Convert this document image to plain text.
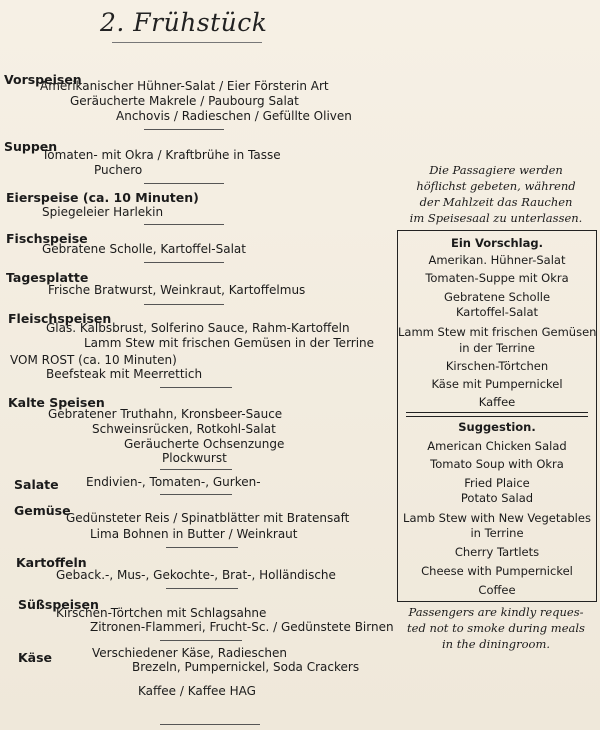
2. Frühstück
Vorspeisen
Amerikanischer Hühner-Salat / Eier Försterin Art
Geräucherte Makrele / Paubourg Salat
Anchovis / Radieschen / Gefüllte Oliven
Suppen
Tomaten- mit Okra / Kraftbrühe in Tasse
Puchero
Eierspeise (ca. 10 Minuten)
Spiegeleier Harlekin
Fischspeise
Gebratene Scholle, Kartoffel-Salat
Tagesplatte
Frische Bratwurst, Weinkraut, Kartoffelmus
Fleischspeisen
Glas. Kalbsbrust, Solferino Sauce, Rahm-Kartoffeln
Lamm Stew mit frischen Gemüsen in der Terrine
VOM ROST (ca. 10 Minuten)
Beefsteak mit Meerrettich
Kalte Speisen
Gebratener Truthahn, Kronsbeer-Sauce
Schweinsrücken, Rotkohl-Salat
Geräucherte Ochsenzunge
Plockwurst
Salate Endivien-, Tomaten-, Gurken-
Gemüse
Gedünsteter Reis / Spinatblätter mit Bratensaft
Lima Bohnen in Butter / Weinkraut
Kartoffeln
Geback.-, Mus-, Gekochte-, Brat-, Holländische
Süßspeisen
Kirschen-Törtchen mit Schlagsahne
Zitronen-Flammeri, Frucht-Sc. / Gedünstete Birnen
Käse	Verschiedener Käse, Radieschen
Brezeln, Pumpernickel, Soda Crackers
Kaffee / Kaffee HAG
Die Passagiere werden
höflichst gebeten, während
der Mahlzeit das Rauchen
im Speisesaal zu unterlassen.
Ein Vorschlag.
Amerikan. Hühner-Salat
Tomaten-Suppe mit Okra
Gebratene Scholle
Kartoffel-Salat
Lamm Stew mit frischen Gemüsen
in der Terrine
Kirschen-Törtchen
Käse mit Pumpernickel
Kaffee
Suggestion.
American Chicken Salad
Tomato Soup with Okra
Fried Plaice
Potato Salad
Lamb Stew with New Vegetables
in Terrine
Cherry Tartlets
Cheese with Pumpernickel
Coffee
Passengers are kindly reques-
ted not to smoke during meals
in the diningroom.
